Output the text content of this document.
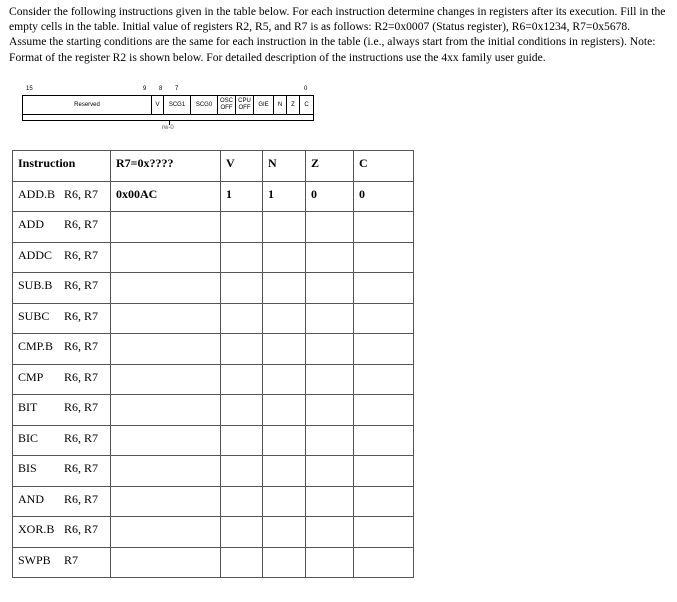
Consider the following instructions given in the table below. For each instruction determine changes in registers after its execution. Fill in the empty cells in the table. Initial value of registers R2, R5, and R7 is as follows: R2=0x0007 (Status register), R6=0x1234, R7=0x5678. Assume the starting conditions are the same for each instruction in the table (i.e., always start from the initial conditions in registers). Note: Format of the register R2 is shown below. For detailed description of the instructions use the 4xx family user guide.

15	9 8 7	0
Reserved	V	SCG1	SCG0
OSC OFF
CPU OFF
GIE	N	Z	C
rw-0
Instruction	R7=0x????	V	N	Z	C
ADD.B R6, R7	0x00AC	1	1	0	0
ADD R6, R7					
ADDC R6, R7					
SUB.B R6, R7					
SUBC R6, R7					
CMP.B R6, R7					
CMP R6, R7					
BIT R6, R7					
BIC R6, R7					
BIS R6, R7					
AND R6, R7					
XOR.B R6, R7					
SWPB R7					
